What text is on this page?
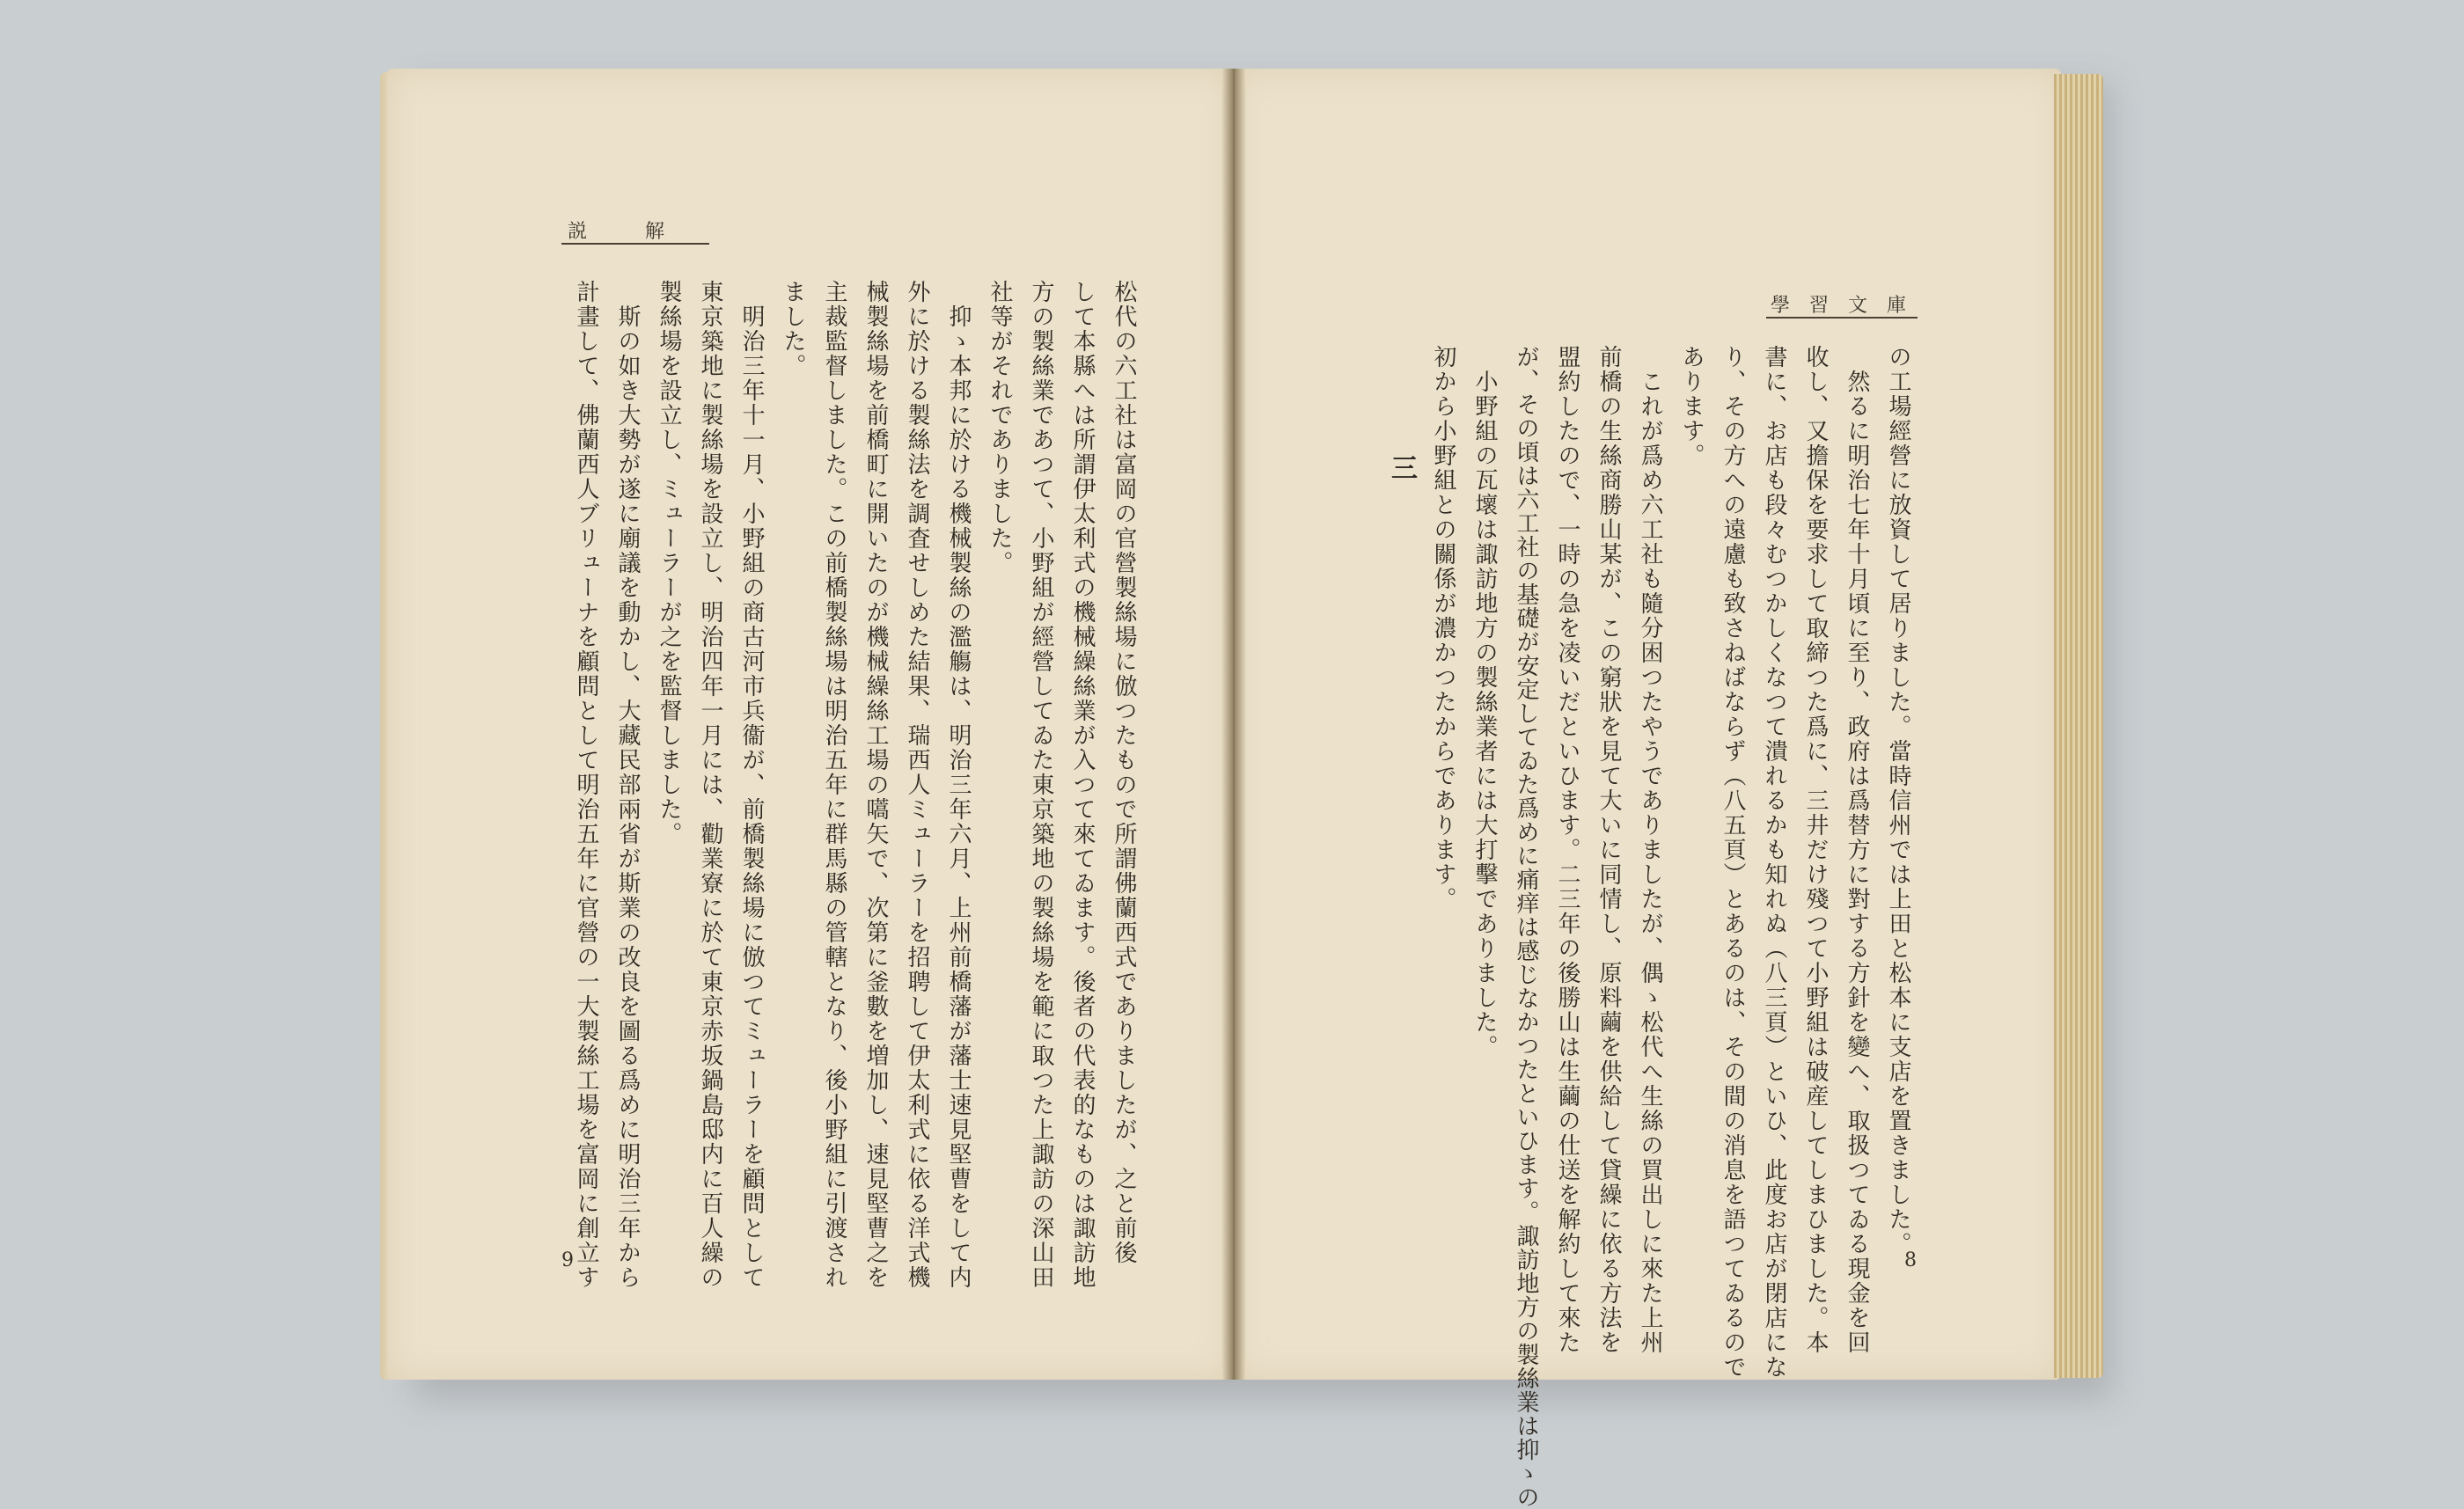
説　　　解
松代の六工社は富岡の官營製絲場に倣つたもので所謂佛蘭西式でありましたが、之と前後
して本縣へは所謂伊太利式の機械繰絲業が入つて來てゐます。後者の代表的なものは諏訪地
方の製絲業であつて、小野組が經營してゐた東京築地の製絲場を範に取つた上諏訪の深山田
社等がそれでありました。
抑ゝ本邦に於ける機械製絲の濫觴は、明治三年六月、上州前橋藩が藩士速見堅曹をして内
外に於ける製絲法を調査せしめた結果、瑞西人ミューラーを招聘して伊太利式に依る洋式機
械製絲場を前橋町に開いたのが機械繰絲工場の嚆矢で、次第に釜數を増加し、速見堅曹之を
主裁監督しました。この前橋製絲場は明治五年に群馬縣の管轄となり、後小野組に引渡され
ました。
明治三年十一月、小野組の商古河市兵衞が、前橋製絲場に倣つてミューラーを顧問として
東京築地に製絲場を設立し、明治四年一月には、勸業寮に於て東京赤坂鍋島邸内に百人繰の
製絲場を設立し、ミューラーが之を監督しました。
斯の如き大勢が遂に廟議を動かし、大藏民部兩省が斯業の改良を圖る爲めに明治三年から
計畫して、佛蘭西人ブリューナを顧問として明治五年に官營の一大製絲工場を富岡に創立す
9
學　習　文　庫
の工場經營に放資して居りました。當時信州では上田と松本に支店を置きました。
然るに明治七年十月頃に至り、政府は爲替方に對する方針を變へ、取扱つてゐる現金を回
收し、又擔保を要求して取締つた爲に、三井だけ殘つて小野組は破産してしまひました。本
書に、お店も段々むつかしくなつて潰れるかも知れぬ（八三頁）といひ、此度お店が閉店にな
り、その方への遠慮も致さねばならず（八五頁）とあるのは、その間の消息を語つてゐるので
あります。
これが爲め六工社も隨分困つたやうでありましたが、偶ゝ松代へ生絲の買出しに來た上州
前橋の生絲商勝山某が、この窮狀を見て大いに同情し、原料繭を供給して貸繰に依る方法を
盟約したので、一時の急を凌いだといひます。二三年の後勝山は生繭の仕送を解約して來た
が、その頃は六工社の基礎が安定してゐた爲めに痛痒は感じなかつたといひます。諏訪地方の製絲業は抑ゝの
小野組の瓦壞は諏訪地方の製絲業者には大打擊でありました。
初から小野組との關係が濃かつたからであります。
三
8
